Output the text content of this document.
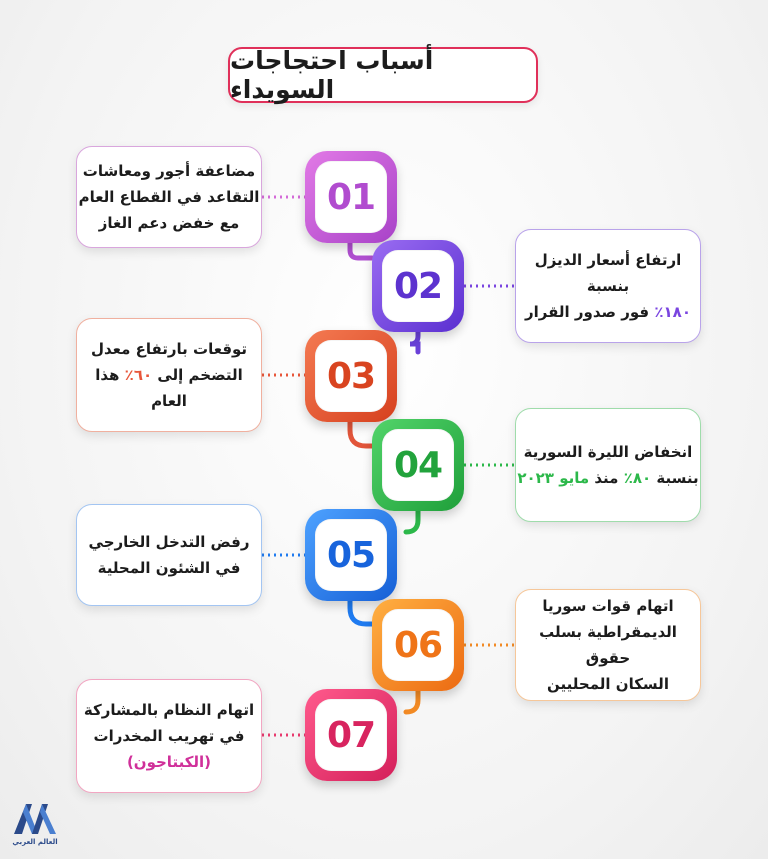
أسباب احتجاجات السويداء
مضاعفة أجور ومعاشات
التقاعد في القطاع العام
مع خفض دعم الغاز
01
02
ارتفاع أسعار الديزل بنسبة
١٨٠٪ فور صدور القرار
توقعات بارتفاع معدل
التضخم إلى ٦٠٪ هذا العام
03
04	انخفاض الليرة السورية
بنسبة ٨٠٪ منذ مايو ٢٠٢٣
رفض التدخل الخارجي
في الشئون المحلية	05
06
اتهام قوات سوريا
الديمقراطية بسلب حقوق
السكان المحليين
اتهام النظام بالمشاركة
في تهريب المخدرات
(الكبتاجون)
07
العالم العربي
